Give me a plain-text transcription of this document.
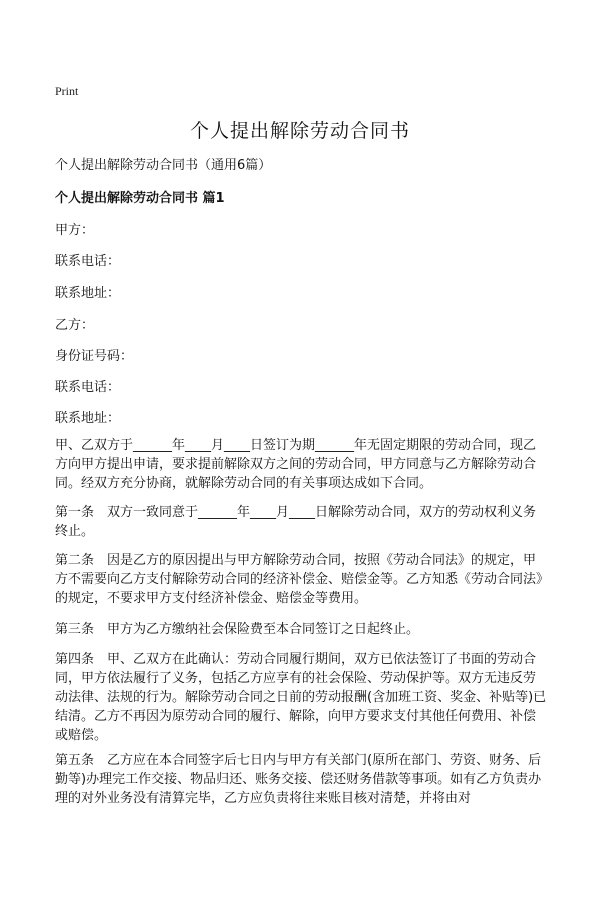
Print
个人提出解除劳动合同书
个人提出解除劳动合同书（通用6篇）
个人提出解除劳动合同书 篇1
甲方：
联系电话：
联系地址：
乙方：
身份证号码：
联系电话：
联系地址：
甲、乙双方于______年____月____日签订为期______年无固定期限的劳动合同，现乙方向甲方提出申请，要求提前解除双方之间的劳动合同，甲方同意与乙方解除劳动合同。经双方充分协商，就解除劳动合同的有关事项达成如下合同。
第一条　双方一致同意于______年____月____日解除劳动合同，双方的劳动权利义务终止。
第二条　因是乙方的原因提出与甲方解除劳动合同，按照《劳动合同法》的规定，甲方不需要向乙方支付解除劳动合同的经济补偿金、赔偿金等。乙方知悉《劳动合同法》的规定，不要求甲方支付经济补偿金、赔偿金等费用。
第三条　甲方为乙方缴纳社会保险费至本合同签订之日起终止。
第四条　甲、乙双方在此确认：劳动合同履行期间，双方已依法签订了书面的劳动合同，甲方依法履行了义务，包括乙方应享有的社会保险、劳动保护等。双方无违反劳动法律、法规的行为。解除劳动合同之日前的劳动报酬(含加班工资、奖金、补贴等)已结清。乙方不再因为原劳动合同的履行、解除，向甲方要求支付其他任何费用、补偿或赔偿。
第五条　乙方应在本合同签字后七日内与甲方有关部门(原所在部门、劳资、财务、后勤等)办理完工作交接、物品归还、账务交接、偿还财务借款等事项。如有乙方负责办理的对外业务没有清算完毕，乙方应负责将往来账目核对清楚，并将由对
